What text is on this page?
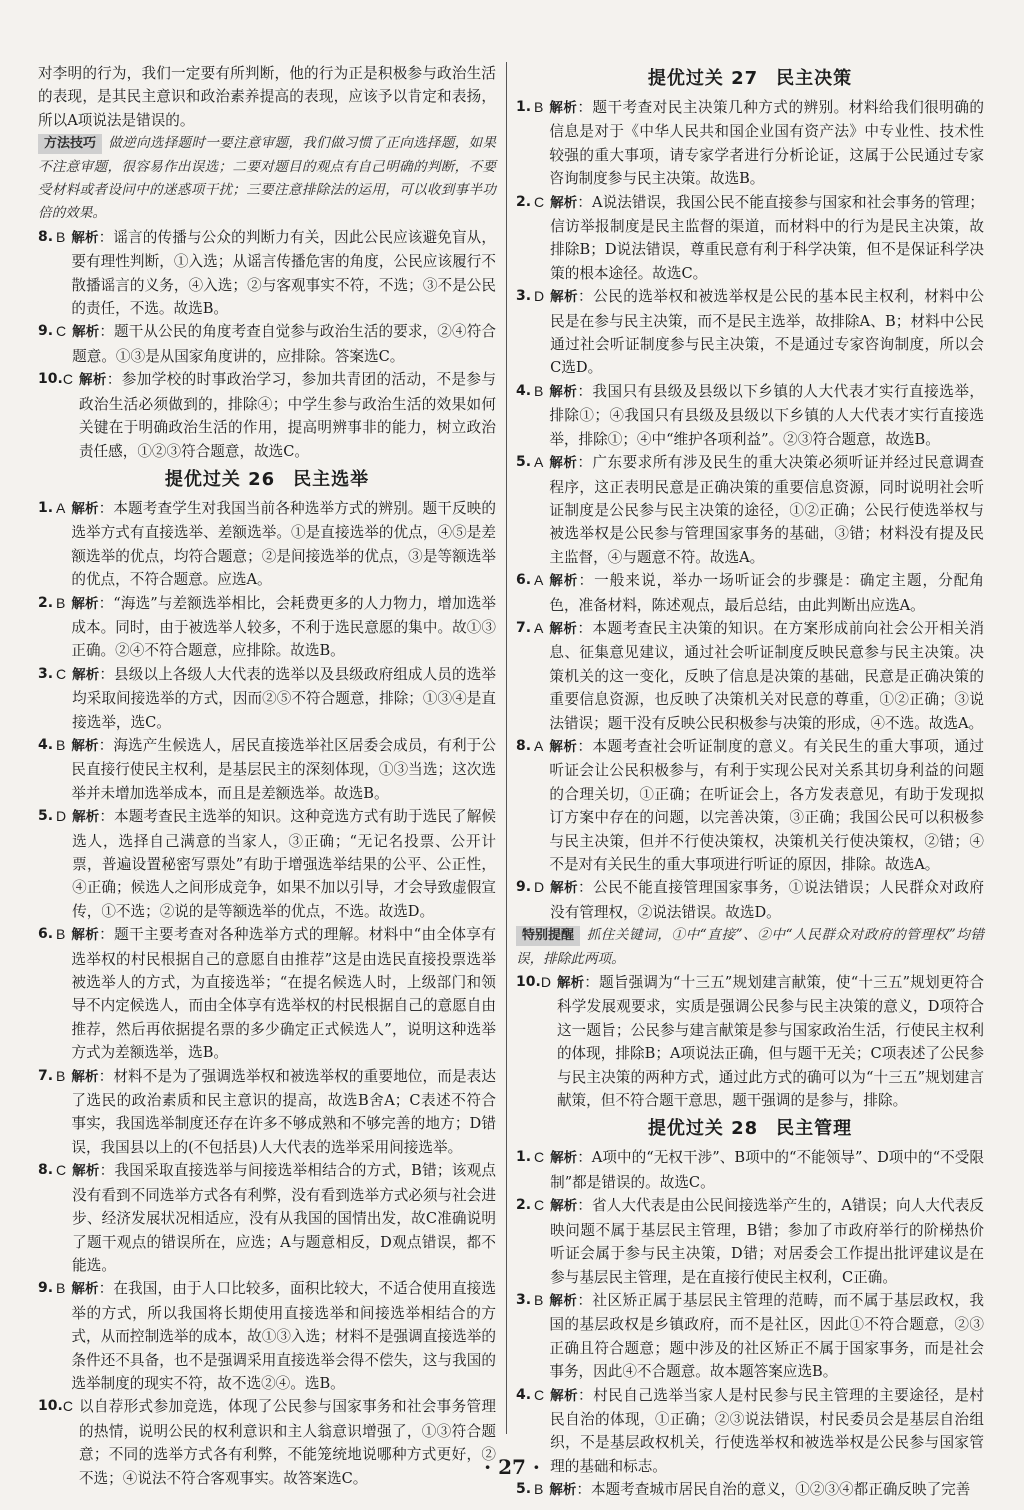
对李明的行为，我们一定要有所判断，他的行为正是积极参与政治生活的表现，是其民主意识和政治素养提高的表现，应该予以肯定和表扬，所以A项说法是错误的。

方法技巧 做逆向选择题时一要注意审题，我们做习惯了正向选择题，如果不注意审题，很容易作出误选；二要对题目的观点有自己明确的判断，不要受材料或者设问中的迷惑项干扰；三要注意排除法的运用，可以收到事半功倍的效果。
8. B 解析：谣言的传播与公众的判断力有关，因此公民应该避免盲从，要有理性判断，①入选；从谣言传播危害的角度，公民应该履行不散播谣言的义务，④入选；②与客观事实不符，不选；③不是公民的责任，不选。故选B。
9. C 解析：题干从公民的角度考查自觉参与政治生活的要求，②④符合题意。①③是从国家角度讲的，应排除。答案选C。
10. C 解析：参加学校的时事政治学习，参加共青团的活动，不是参与政治生活必须做到的，排除④；中学生参与政治生活的效果如何关键在于明确政治生活的作用，提高明辨事非的能力，树立政治责任感，①②③符合题意，故选C。
提优过关 26 民主选举
1. A 解析：本题考查学生对我国当前各种选举方式的辨别。题干反映的选举方式有直接选举、差额选举。①是直接选举的优点，④⑤是差额选举的优点，均符合题意；②是间接选举的优点，③是等额选举的优点，不符合题意。应选A。
2. B 解析：“海选”与差额选举相比，会耗费更多的人力物力，增加选举成本。同时，由于被选举人较多，不利于选民意愿的集中。故①③正确。②④不符合题意，应排除。故选B。
3. C 解析：县级以上各级人大代表的选举以及县级政府组成人员的选举均采取间接选举的方式，因而②⑤不符合题意，排除；①③④是直接选举，选C。
4. B 解析：海选产生候选人，居民直接选举社区居委会成员，有利于公民直接行使民主权利，是基层民主的深刻体现，①③当选；这次选举并未增加选举成本，而且是差额选举。故选B。
5. D 解析：本题考查民主选举的知识。这种竞选方式有助于选民了解候选人，选择自己满意的当家人，③正确；“无记名投票、公开计票，普遍设置秘密写票处”有助于增强选举结果的公平、公正性，④正确；候选人之间形成竞争，如果不加以引导，才会导致虚假宣传，①不选；②说的是等额选举的优点，不选。故选D。
6. B 解析：题干主要考查对各种选举方式的理解。材料中“由全体享有选举权的村民根据自己的意愿自由推荐”这是由选民直接投票选举被选举人的方式，为直接选举；“在提名候选人时，上级部门和领导不内定候选人，而由全体享有选举权的村民根据自己的意愿自由推荐，然后再依据提名票的多少确定正式候选人”，说明这种选举方式为差额选举，选B。
7. B 解析：材料不是为了强调选举权和被选举权的重要地位，而是表达了选民的政治素质和民主意识的提高，故选B舍A；C表述不符合事实，我国选举制度还存在许多不够成熟和不够完善的地方；D错误，我国县以上的(不包括县)人大代表的选举采用间接选举。
8. C 解析：我国采取直接选举与间接选举相结合的方式，B错；该观点没有看到不同选举方式各有利弊，没有看到选举方式必须与社会进步、经济发展状况相适应，没有从我国的国情出发，故C准确说明了题干观点的错误所在，应选；A与题意相反，D观点错误，都不能选。
9. B 解析：在我国，由于人口比较多，面积比较大，不适合使用直接选举的方式，所以我国将长期使用直接选举和间接选举相结合的方式，从而控制选举的成本，故①③入选；材料不是强调直接选举的条件还不具备，也不是强调采用直接选举会得不偿失，这与我国的选举制度的现实不符，故不选②④。选B。
10. C 以自荐形式参加竞选，体现了公民参与国家事务和社会事务管理的热情，说明公民的权利意识和主人翁意识增强了，①③符合题意；不同的选举方式各有利弊，不能笼统地说哪种方式更好，②不选；④说法不符合客观事实。故答案选C。
提优过关 27 民主决策
1. B 解析：题干考查对民主决策几种方式的辨别。材料给我们很明确的信息是对于《中华人民共和国企业国有资产法》中专业性、技术性较强的重大事项，请专家学者进行分析论证，这属于公民通过专家咨询制度参与民主决策。故选B。
2. C 解析：A说法错误，我国公民不能直接参与国家和社会事务的管理；信访举报制度是民主监督的渠道，而材料中的行为是民主决策，故排除B；D说法错误，尊重民意有利于科学决策，但不是保证科学决策的根本途径。故选C。
3. D 解析：公民的选举权和被选举权是公民的基本民主权利，材料中公民是在参与民主决策，而不是民主选举，故排除A、B；材料中公民通过社会听证制度参与民主决策，不是通过专家咨询制度，所以会C选D。
4. B 解析：我国只有县级及县级以下乡镇的人大代表才实行直接选举，排除①；④我国只有县级及县级以下乡镇的人大代表才实行直接选举，排除①；④中“维护各项利益”。②③符合题意，故选B。
5. A 解析：广东要求所有涉及民生的重大决策必须听证并经过民意调查程序，这正表明民意是正确决策的重要信息资源，同时说明社会听证制度是公民参与民主决策的途径，①②正确；公民行使选举权与被选举权是公民参与管理国家事务的基础，③错；材料没有提及民主监督，④与题意不符。故选A。
6. A 解析：一般来说，举办一场听证会的步骤是：确定主题，分配角色，准备材料，陈述观点，最后总结，由此判断出应选A。
7. A 解析：本题考查民主决策的知识。在方案形成前向社会公开相关消息、征集意见建议，通过社会听证制度反映民意参与民主决策。决策机关的这一变化，反映了信息是决策的基础，民意是正确决策的重要信息资源，也反映了决策机关对民意的尊重，①②正确；③说法错误；题干没有反映公民积极参与决策的形成，④不选。故选A。
8. A 解析：本题考查社会听证制度的意义。有关民生的重大事项，通过听证会让公民积极参与，有利于实现公民对关系其切身利益的问题的合理关切，①正确；在听证会上，各方发表意见，有助于发现拟订方案中存在的问题，以完善决策，③正确；我国公民可以积极参与民主决策，但并不行使决策权，决策机关行使决策权，②错；④不是对有关民生的重大事项进行听证的原因，排除。故选A。
9. D 解析：公民不能直接管理国家事务，①说法错误；人民群众对政府没有管理权，②说法错误。故选D。
特别提醒 抓住关键词，①中“直接”、②中“人民群众对政府的管理权”均错误，排除此两项。
10. D 解析：题旨强调为“十三五”规划建言献策，使“十三五”规划更符合科学发展观要求，实质是强调公民参与民主决策的意义，D项符合这一题旨；公民参与建言献策是参与国家政治生活，行使民主权利的体现，排除B；A项说法正确，但与题干无关；C项表述了公民参与民主决策的两种方式，通过此方式的确可以为“十三五”规划建言献策，但不符合题干意思，题干强调的是参与，排除。
提优过关 28 民主管理
1. C 解析：A项中的“无权干涉”、B项中的“不能领导”、D项中的“不受限制”都是错误的。故选C。
2. C 解析：省人大代表是由公民间接选举产生的，A错误；向人大代表反映问题不属于基层民主管理，B错；参加了市政府举行的阶梯热价听证会属于参与民主决策，D错；对居委会工作提出批评建议是在参与基层民主管理，是在直接行使民主权利，C正确。
3. B 解析：社区矫正属于基层民主管理的范畴，而不属于基层政权，我国的基层政权是乡镇政府，而不是社区，因此①不符合题意，②③正确且符合题意；题中涉及的社区矫正不属于国家事务，而是社会事务，因此④不合题意。故本题答案应选B。
4. C 解析：村民自己选举当家人是村民参与民主管理的主要途径，是村民自治的体现，①正确；②③说法错误，村民委员会是基层自治组织，不是基层政权机关，行使选举权和被选举权是公民参与国家管理的基础和标志。
5. B 解析：本题考查城市居民自治的意义，①②③④都正确反映了完善
· 27 ·
